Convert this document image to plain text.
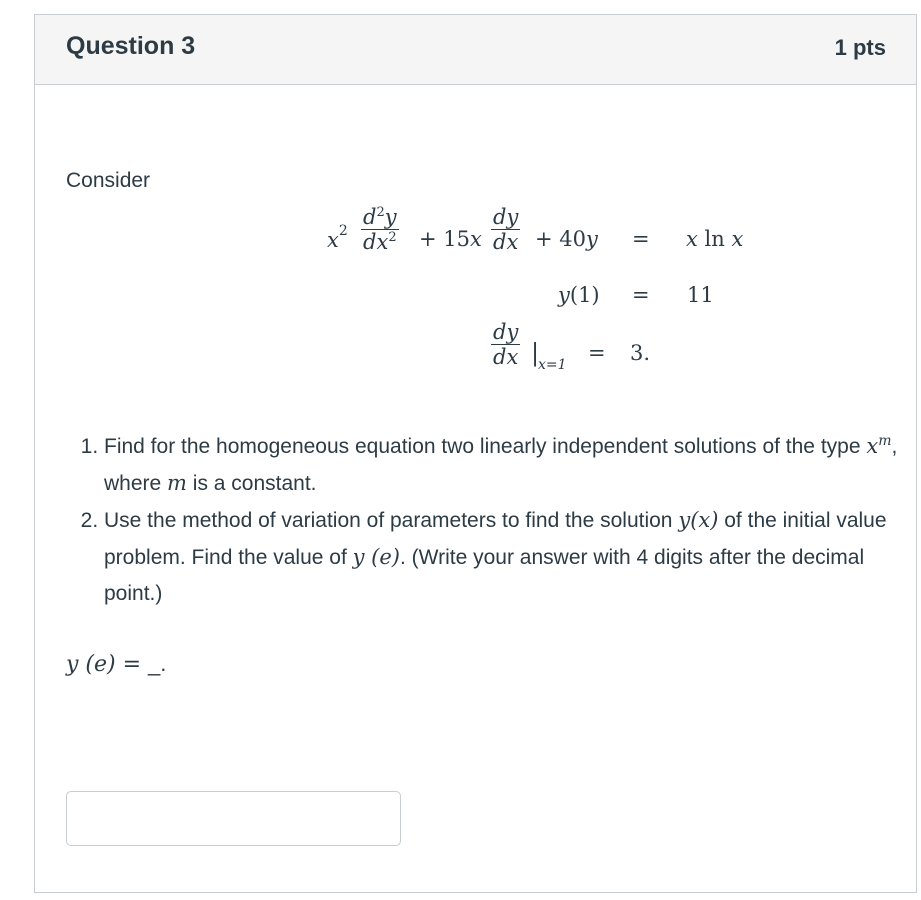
Question 3	1 pts
Consider
$x^2 \frac{d^2y}{dx^2} + 15x \frac{dy}{dx} + 40y = x$ ln x
y(1) = 11
$\frac{dy}{dx}$ |
x=1 = 3.
1. Find for the homogeneous equation two linearly independent solutions of the type $x^m$, where m is a constant.
2. Use the method of variation of parameters to find the solution y(x) of the initial value problem. Find the value of y (e). (Write your answer with 4 digits after the decimal point.)
y (e) = _.
